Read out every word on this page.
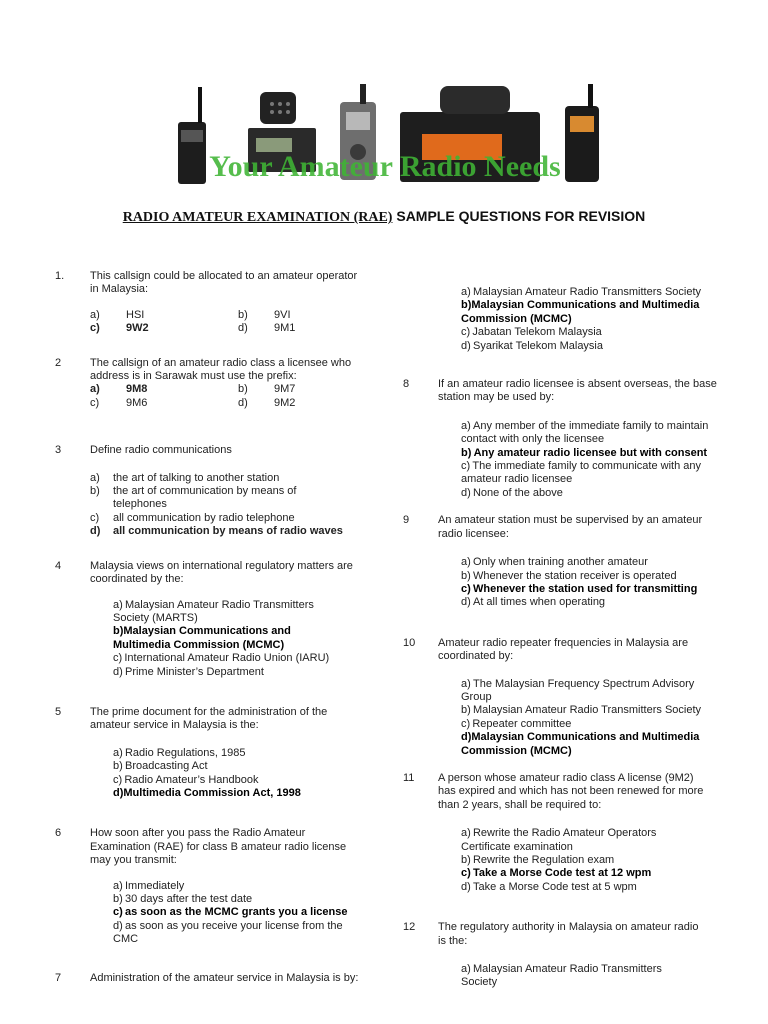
Your Amateur Radio Needs
RADIO AMATEUR EXAMINATION (RAE) SAMPLE QUESTIONS FOR REVISION
1. This callsign could be allocated to an amateur operator in Malaysia:
a)	HSI	b)	9VI
c)	9W2	d)	9M1
2	The callsign of an amateur radio class a licensee who address is in Sarawak must use the prefix:
a)	9M8	b)	9M7
c)	9M6	d)	9M2
3	Define radio communications
a)	the art of talking to another station
b)	the art of communication by means of telephones
c)	all communication by radio telephone
d)	all communication by means of radio waves
4	Malaysia views on international regulatory matters are coordinated by the:
a) Malaysian Amateur Radio Transmitters Society (MARTS)
b)Malaysian Communications and Multimedia Commission (MCMC)
c) International Amateur Radio Union (IARU)
d) Prime Minister’s Department
5	The prime document for the administration of the amateur service in Malaysia is the:
a) Radio Regulations, 1985
b) Broadcasting Act
c) Radio Amateur’s Handbook
d)Multimedia Commission Act, 1998
6	How soon after you pass the Radio Amateur Examination (RAE) for class B amateur radio license may you transmit:
a) Immediately
b) 30 days after the test date
c) as soon as the MCMC grants you a license
d) as soon as you receive your license from the CMC
7	Administration of the amateur service in Malaysia is by:
a) Malaysian Amateur Radio Transmitters Society
b)Malaysian Communications and Multimedia Commission (MCMC)
c) Jabatan Telekom Malaysia
d) Syarikat Telekom Malaysia
8	If an amateur radio licensee is absent overseas, the base station may be used by:
a) Any member of the immediate family to maintain contact with only the licensee
b) Any amateur radio licensee but with consent
c) The immediate family to communicate with any amateur radio licensee
d) None of the above
9	An amateur station must be supervised by an amateur radio licensee:
a) Only when training another amateur
b) Whenever the station receiver is operated
c) Whenever the station used for transmitting
d) At all times when operating
10 Amateur radio repeater frequencies in Malaysia are coordinated by:
a) The Malaysian Frequency Spectrum Advisory Group
b) Malaysian Amateur Radio Transmitters Society
c) Repeater committee
d)Malaysian Communications and Multimedia Commission (MCMC)
11 A person whose amateur radio class A license (9M2) has expired and which has not been renewed for more than 2 years, shall be required to:
a) Rewrite the Radio Amateur Operators Certificate examination
b) Rewrite the Regulation exam
c) Take a Morse Code test at 12 wpm
d) Take a Morse Code test at 5 wpm
12 The regulatory authority in Malaysia on amateur radio is the:
a) Malaysian Amateur Radio Transmitters Society
